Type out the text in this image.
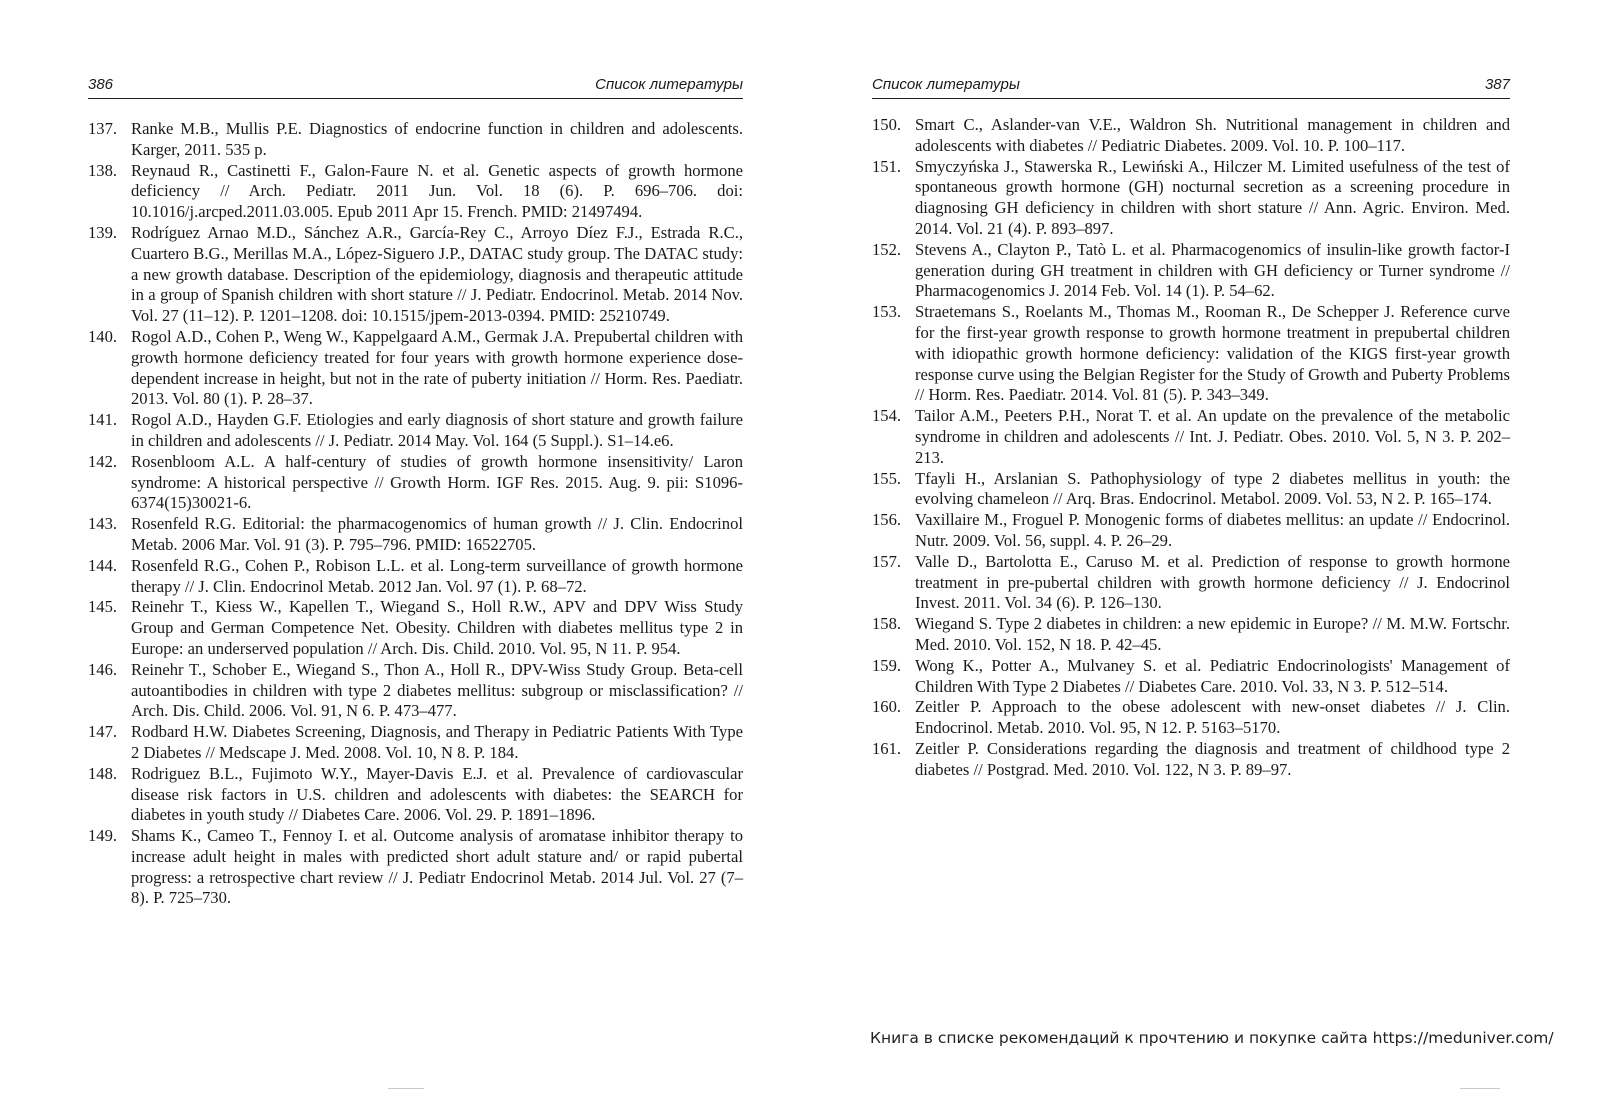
386	Список литературы
137. Ranke M.B., Mullis P.E. Diagnostics of endocrine function in children and adolescents. Karger, 2011. 535 p.
138. Reynaud R., Castinetti F., Galon-Faure N. et al. Genetic aspects of growth hormone deficiency // Arch. Pediatr. 2011 Jun. Vol. 18 (6). P. 696–706. doi: 10.1016/j.arcped.2011.03.005. Epub 2011 Apr 15. French. PMID: 21497494.
139. Rodríguez Arnao M.D., Sánchez A.R., García-Rey C., Arroyo Díez F.J., Estrada R.C., Cuartero B.G., Merillas M.A., López-Siguero J.P., DATAC study group. The DATAC study: a new growth database. Description of the epidemiology, diagnosis and therapeutic attitude in a group of Spanish children with short stature // J. Pediatr. Endocrinol. Metab. 2014 Nov. Vol. 27 (11–12). P. 1201–1208. doi: 10.1515/jpem-2013-0394. PMID: 25210749.
140. Rogol A.D., Cohen P., Weng W., Kappelgaard A.M., Germak J.A. Prepubertal children with growth hormone deficiency treated for four years with growth hormone experience dose-dependent increase in height, but not in the rate of puberty initiation // Horm. Res. Paediatr. 2013. Vol. 80 (1). P. 28–37.
141. Rogol A.D., Hayden G.F. Etiologies and early diagnosis of short stature and growth failure in children and adolescents // J. Pediatr. 2014 May. Vol. 164 (5 Suppl.). S1–14.e6.
142. Rosenbloom A.L. A half-century of studies of growth hormone insensitivity/ Laron syndrome: A historical perspective // Growth Horm. IGF Res. 2015. Aug. 9. pii: S1096-6374(15)30021-6.
143. Rosenfeld R.G. Editorial: the pharmacogenomics of human growth // J. Clin. Endocrinol Metab. 2006 Mar. Vol. 91 (3). P. 795–796. PMID: 16522705.
144. Rosenfeld R.G., Cohen P., Robison L.L. et al. Long-term surveillance of growth hormone therapy // J. Clin. Endocrinol Metab. 2012 Jan. Vol. 97 (1). P. 68–72.
145. Reinehr T., Kiess W., Kapellen T., Wiegand S., Holl R.W., APV and DPV Wiss Study Group and German Competence Net. Obesity. Children with diabetes mellitus type 2 in Europe: an underserved population // Arch. Dis. Child. 2010. Vol. 95, N 11. P. 954.
146. Reinehr T., Schober E., Wiegand S., Thon A., Holl R., DPV-Wiss Study Group. Beta-cell autoantibodies in children with type 2 diabetes mellitus: subgroup or misclassification? // Arch. Dis. Child. 2006. Vol. 91, N 6. P. 473–477.
147. Rodbard H.W. Diabetes Screening, Diagnosis, and Therapy in Pediatric Patients With Type 2 Diabetes // Medscape J. Med. 2008. Vol. 10, N 8. P. 184.
148. Rodriguez B.L., Fujimoto W.Y., Mayer-Davis E.J. et al. Prevalence of cardiovascular disease risk factors in U.S. children and adolescents with diabetes: the SEARCH for diabetes in youth study // Diabetes Care. 2006. Vol. 29. P. 1891–1896.
149. Shams K., Cameo T., Fennoy I. et al. Outcome analysis of aromatase inhibitor therapy to increase adult height in males with predicted short adult stature and/ or rapid pubertal progress: a retrospective chart review // J. Pediatr Endocrinol Metab. 2014 Jul. Vol. 27 (7–8). P. 725–730.
Список литературы	387
150. Smart C., Aslander-van V.E., Waldron Sh. Nutritional management in children and adolescents with diabetes // Pediatric Diabetes. 2009. Vol. 10. P. 100–117.
151. Smyczyńska J., Stawerska R., Lewiński A., Hilczer M. Limited usefulness of the test of spontaneous growth hormone (GH) nocturnal secretion as a screening procedure in diagnosing GH deficiency in children with short stature // Ann. Agric. Environ. Med. 2014. Vol. 21 (4). P. 893–897.
152. Stevens A., Clayton P., Tatò L. et al. Pharmacogenomics of insulin-like growth factor-I generation during GH treatment in children with GH deficiency or Turner syndrome // Pharmacogenomics J. 2014 Feb. Vol. 14 (1). P. 54–62.
153. Straetemans S., Roelants M., Thomas M., Rooman R., De Schepper J. Reference curve for the first-year growth response to growth hormone treatment in prepubertal children with idiopathic growth hormone deficiency: validation of the KIGS first-year growth response curve using the Belgian Register for the Study of Growth and Puberty Problems // Horm. Res. Paediatr. 2014. Vol. 81 (5). P. 343–349.
154. Tailor A.M., Peeters P.H., Norat T. et al. An update on the prevalence of the metabolic syndrome in children and adolescents // Int. J. Pediatr. Obes. 2010. Vol. 5, N 3. P. 202–213.
155. Tfayli H., Arslanian S. Pathophysiology of type 2 diabetes mellitus in youth: the evolving chameleon // Arq. Bras. Endocrinol. Metabol. 2009. Vol. 53, N 2. P. 165–174.
156. Vaxillaire M., Froguel P. Monogenic forms of diabetes mellitus: an update // Endocrinol. Nutr. 2009. Vol. 56, suppl. 4. P. 26–29.
157. Valle D., Bartolotta E., Caruso M. et al. Prediction of response to growth hormone treatment in pre-pubertal children with growth hormone deficiency // J. Endocrinol Invest. 2011. Vol. 34 (6). P. 126–130.
158. Wiegand S. Type 2 diabetes in children: a new epidemic in Europe? // M. M.W. Fortschr. Med. 2010. Vol. 152, N 18. P. 42–45.
159. Wong K., Potter A., Mulvaney S. et al. Pediatric Endocrinologists' Management of Children With Type 2 Diabetes // Diabetes Care. 2010. Vol. 33, N 3. P. 512–514.
160. Zeitler P. Approach to the obese adolescent with new-onset diabetes // J. Clin. Endocrinol. Metab. 2010. Vol. 95, N 12. P. 5163–5170.
161. Zeitler P. Considerations regarding the diagnosis and treatment of childhood type 2 diabetes // Postgrad. Med. 2010. Vol. 122, N 3. P. 89–97.
Книга в списке рекомендаций к прочтению и покупке сайта https://meduniver.com/
